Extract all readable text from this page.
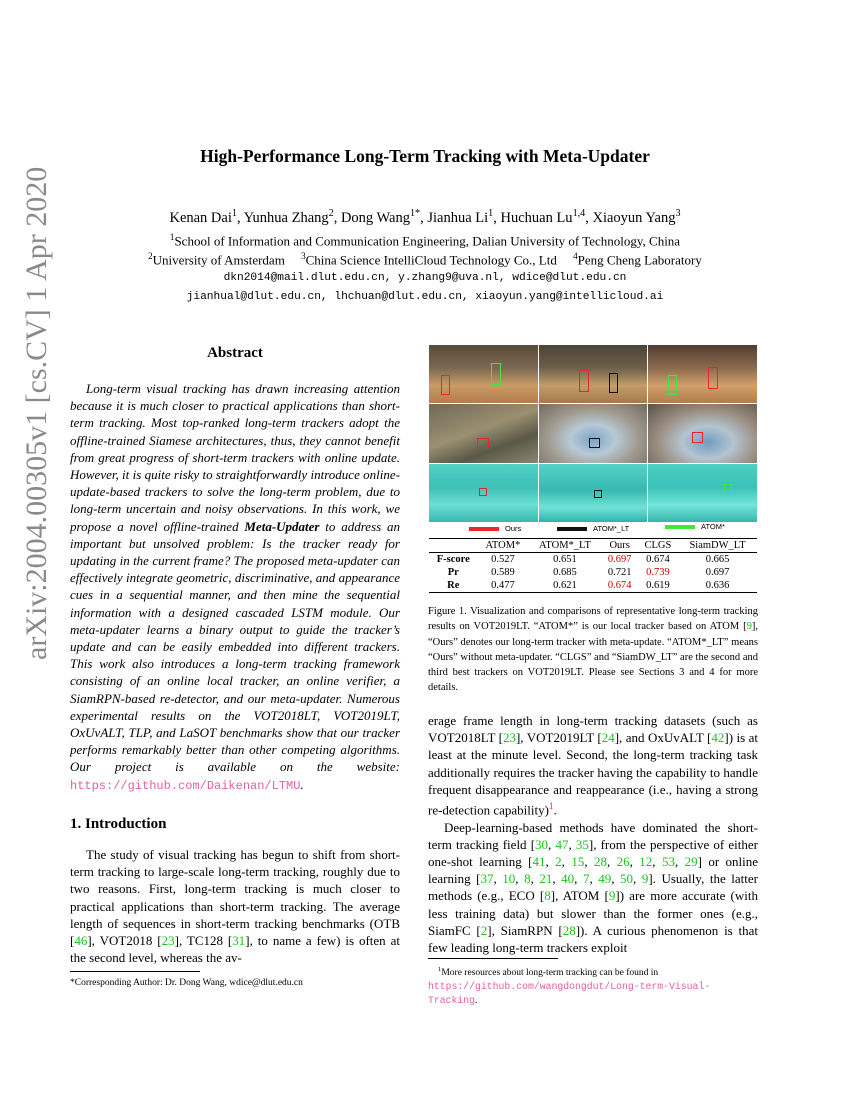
arXiv:2004.00305v1 [cs.CV] 1 Apr 2020
High-Performance Long-Term Tracking with Meta-Updater
Kenan Dai$^1$, Yunhua Zhang$^2$, Dong Wang$^{1*}$, Jianhua Li$^1$, Huchuan Lu$^{1,4}$, Xiaoyun Yang$^3$
$^1$School of Information and Communication Engineering, Dalian University of Technology, China
$^2$University of Amsterdam $^3$China Science IntelliCloud Technology Co., Ltd $^4$Peng Cheng Laboratory
dkn2014@mail.dlut.edu.cn, y.zhang9@uva.nl, wdice@dlut.edu.cn
jianhual@dlut.edu.cn, lhchuan@dlut.edu.cn, xiaoyun.yang@intellicloud.ai
Abstract
Long-term visual tracking has drawn increasing attention because it is much closer to practical applications than short-term tracking. Most top-ranked long-term trackers adopt the offline-trained Siamese architectures, thus, they cannot benefit from great progress of short-term trackers with online update. However, it is quite risky to straightforwardly introduce online-update-based trackers to solve the long-term problem, due to long-term uncertain and noisy observations. In this work, we propose a novel offline-trained Meta-Updater to address an important but unsolved problem: Is the tracker ready for updating in the current frame? The proposed meta-updater can effectively integrate geometric, discriminative, and appearance cues in a sequential manner, and then mine the sequential information with a designed cascaded LSTM module. Our meta-updater learns a binary output to guide the tracker’s update and can be easily embedded into different trackers. This work also introduces a long-term tracking framework consisting of an online local tracker, an online verifier, a SiamRPN-based re-detector, and our meta-updater. Numerous experimental results on the VOT2018LT, VOT2019LT, OxUvALT, TLP, and LaSOT benchmarks show that our tracker performs remarkably better than other competing algorithms. Our project is available on the website: https://github.com/Daikenan/LTMU.
1. Introduction

The study of visual tracking has begun to shift from short-term tracking to large-scale long-term tracking, roughly due to two reasons. First, long-term tracking is much closer to practical applications than short-term tracking. The average length of sequences in short-term tracking benchmarks (OTB [46], VOT2018 [23], TC128 [31], to name a few) is often at the second level, whereas the av-

*Corresponding Author: Dr. Dong Wang, wdice@dlut.edu.cn
Ours	ATOM*_LT	ATOM*
	ATOM*	ATOM*_LT	Ours	CLGS	SiamDW_LT
F-score	0.527	0.651	0.697	0.674	0.665
Pr	0.589	0.685	0.721	0.739	0.697
Re	0.477	0.621	0.674	0.619	0.636
Figure 1. Visualization and comparisons of representative long-term tracking results on VOT2019LT. “ATOM*” is our local tracker based on ATOM [9], “Ours” denotes our long-term tracker with meta-update. “ATOM*_LT” means “Ours” without meta-updater. “CLGS” and “SiamDW_LT” are the second and third best trackers on VOT2019LT. Please see Sections 3 and 4 for more details.

erage frame length in long-term tracking datasets (such as VOT2018LT [23], VOT2019LT [24], and OxUvALT [42]) is at least at the minute level. Second, the long-term tracking task additionally requires the tracker having the capability to handle frequent disappearance and reappearance (i.e., having a strong re-detection capability)$^1$.

Deep-learning-based methods have dominated the short-term tracking field [30, 47, 35], from the perspective of either one-shot learning [41, 2, 15, 28, 26, 12, 53, 29] or online learning [37, 10, 8, 21, 40, 7, 49, 50, 9]. Usually, the latter methods (e.g., ECO [8], ATOM [9]) are more accurate (with less training data) but slower than the former ones (e.g., SiamFC [2], SiamRPN [28]). A curious phenomenon is that few leading long-term trackers exploit

$^1$More resources about long-term tracking can be found in https://github.com/wangdongdut/Long-term-Visual-Tracking.
